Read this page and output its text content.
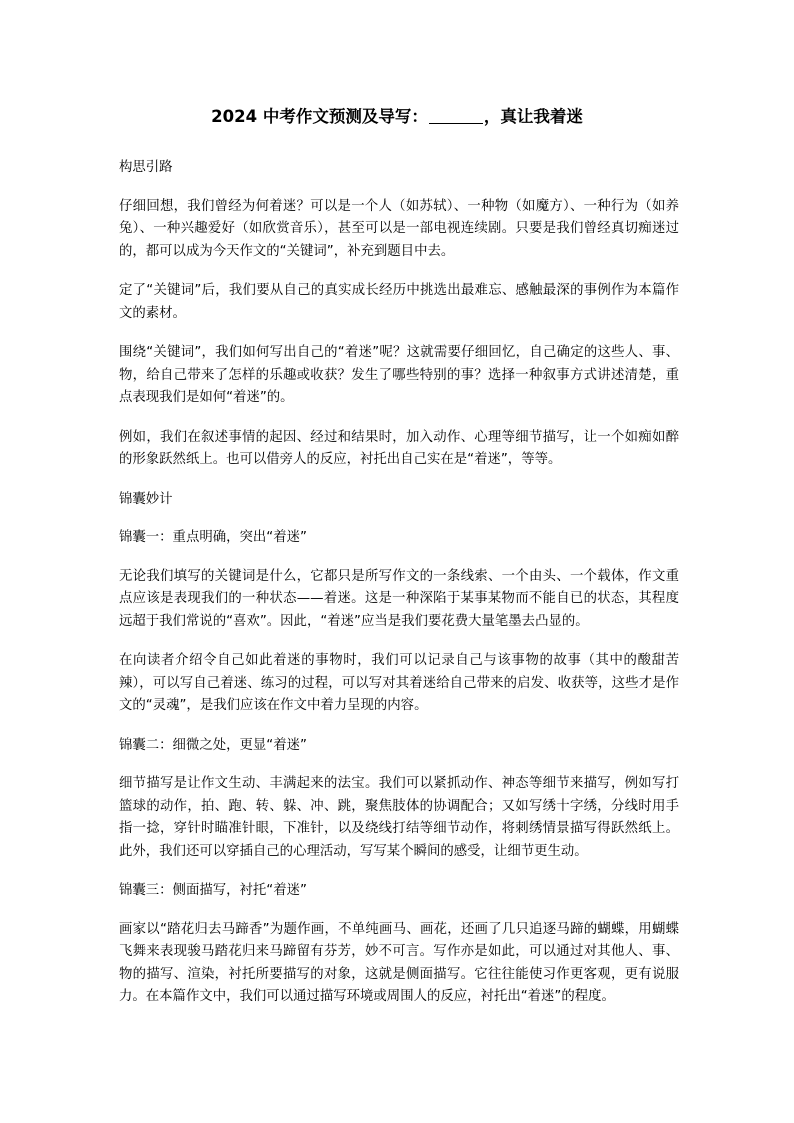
2024 中考作文预测及导写：	，真让我着迷

构思引路

仔细回想，我们曾经为何着迷？可以是一个人（如苏轼）、一种物（如魔方）、一种行为（如养兔）、一种兴趣爱好（如欣赏音乐），甚至可以是一部电视连续剧。只要是我们曾经真切痴迷过的，都可以成为今天作文的“关键词”，补充到题目中去。

定了“关键词”后，我们要从自己的真实成长经历中挑选出最难忘、感触最深的事例作为本篇作文的素材。

围绕“关键词”，我们如何写出自己的“着迷”呢？这就需要仔细回忆，自己确定的这些人、事、物，给自己带来了怎样的乐趣或收获？发生了哪些特别的事？选择一种叙事方式讲述清楚，重点表现我们是如何“着迷”的。

例如，我们在叙述事情的起因、经过和结果时，加入动作、心理等细节描写，让一个如痴如醉的形象跃然纸上。也可以借旁人的反应，衬托出自己实在是“着迷”，等等。

锦囊妙计

锦囊一：重点明确，突出“着迷”

无论我们填写的关键词是什么，它都只是所写作文的一条线索、一个由头、一个载体，作文重点应该是表现我们的一种状态——着迷。这是一种深陷于某事某物而不能自已的状态，其程度远超于我们常说的“喜欢”。因此，“着迷”应当是我们要花费大量笔墨去凸显的。

在向读者介绍令自己如此着迷的事物时，我们可以记录自己与该事物的故事（其中的酸甜苦辣），可以写自己着迷、练习的过程，可以写对其着迷给自己带来的启发、收获等，这些才是作文的“灵魂”，是我们应该在作文中着力呈现的内容。

锦囊二：细微之处，更显“着迷”

细节描写是让作文生动、丰满起来的法宝。我们可以紧抓动作、神态等细节来描写，例如写打篮球的动作，拍、跑、转、躲、冲、跳，聚焦肢体的协调配合；又如写绣十字绣，分线时用手指一捻，穿针时瞄准针眼，下准针，以及绕线打结等细节动作，将刺绣情景描写得跃然纸上。此外，我们还可以穿插自己的心理活动，写写某个瞬间的感受，让细节更生动。

锦囊三：侧面描写，衬托“着迷”

画家以“踏花归去马蹄香”为题作画，不单纯画马、画花，还画了几只追逐马蹄的蝴蝶，用蝴蝶飞舞来表现骏马踏花归来马蹄留有芬芳，妙不可言。写作亦是如此，可以通过对其他人、事、物的描写、渲染，衬托所要描写的对象，这就是侧面描写。它往往能使习作更客观，更有说服力。在本篇作文中，我们可以通过描写环境或周围人的反应，衬托出“着迷”的程度。
